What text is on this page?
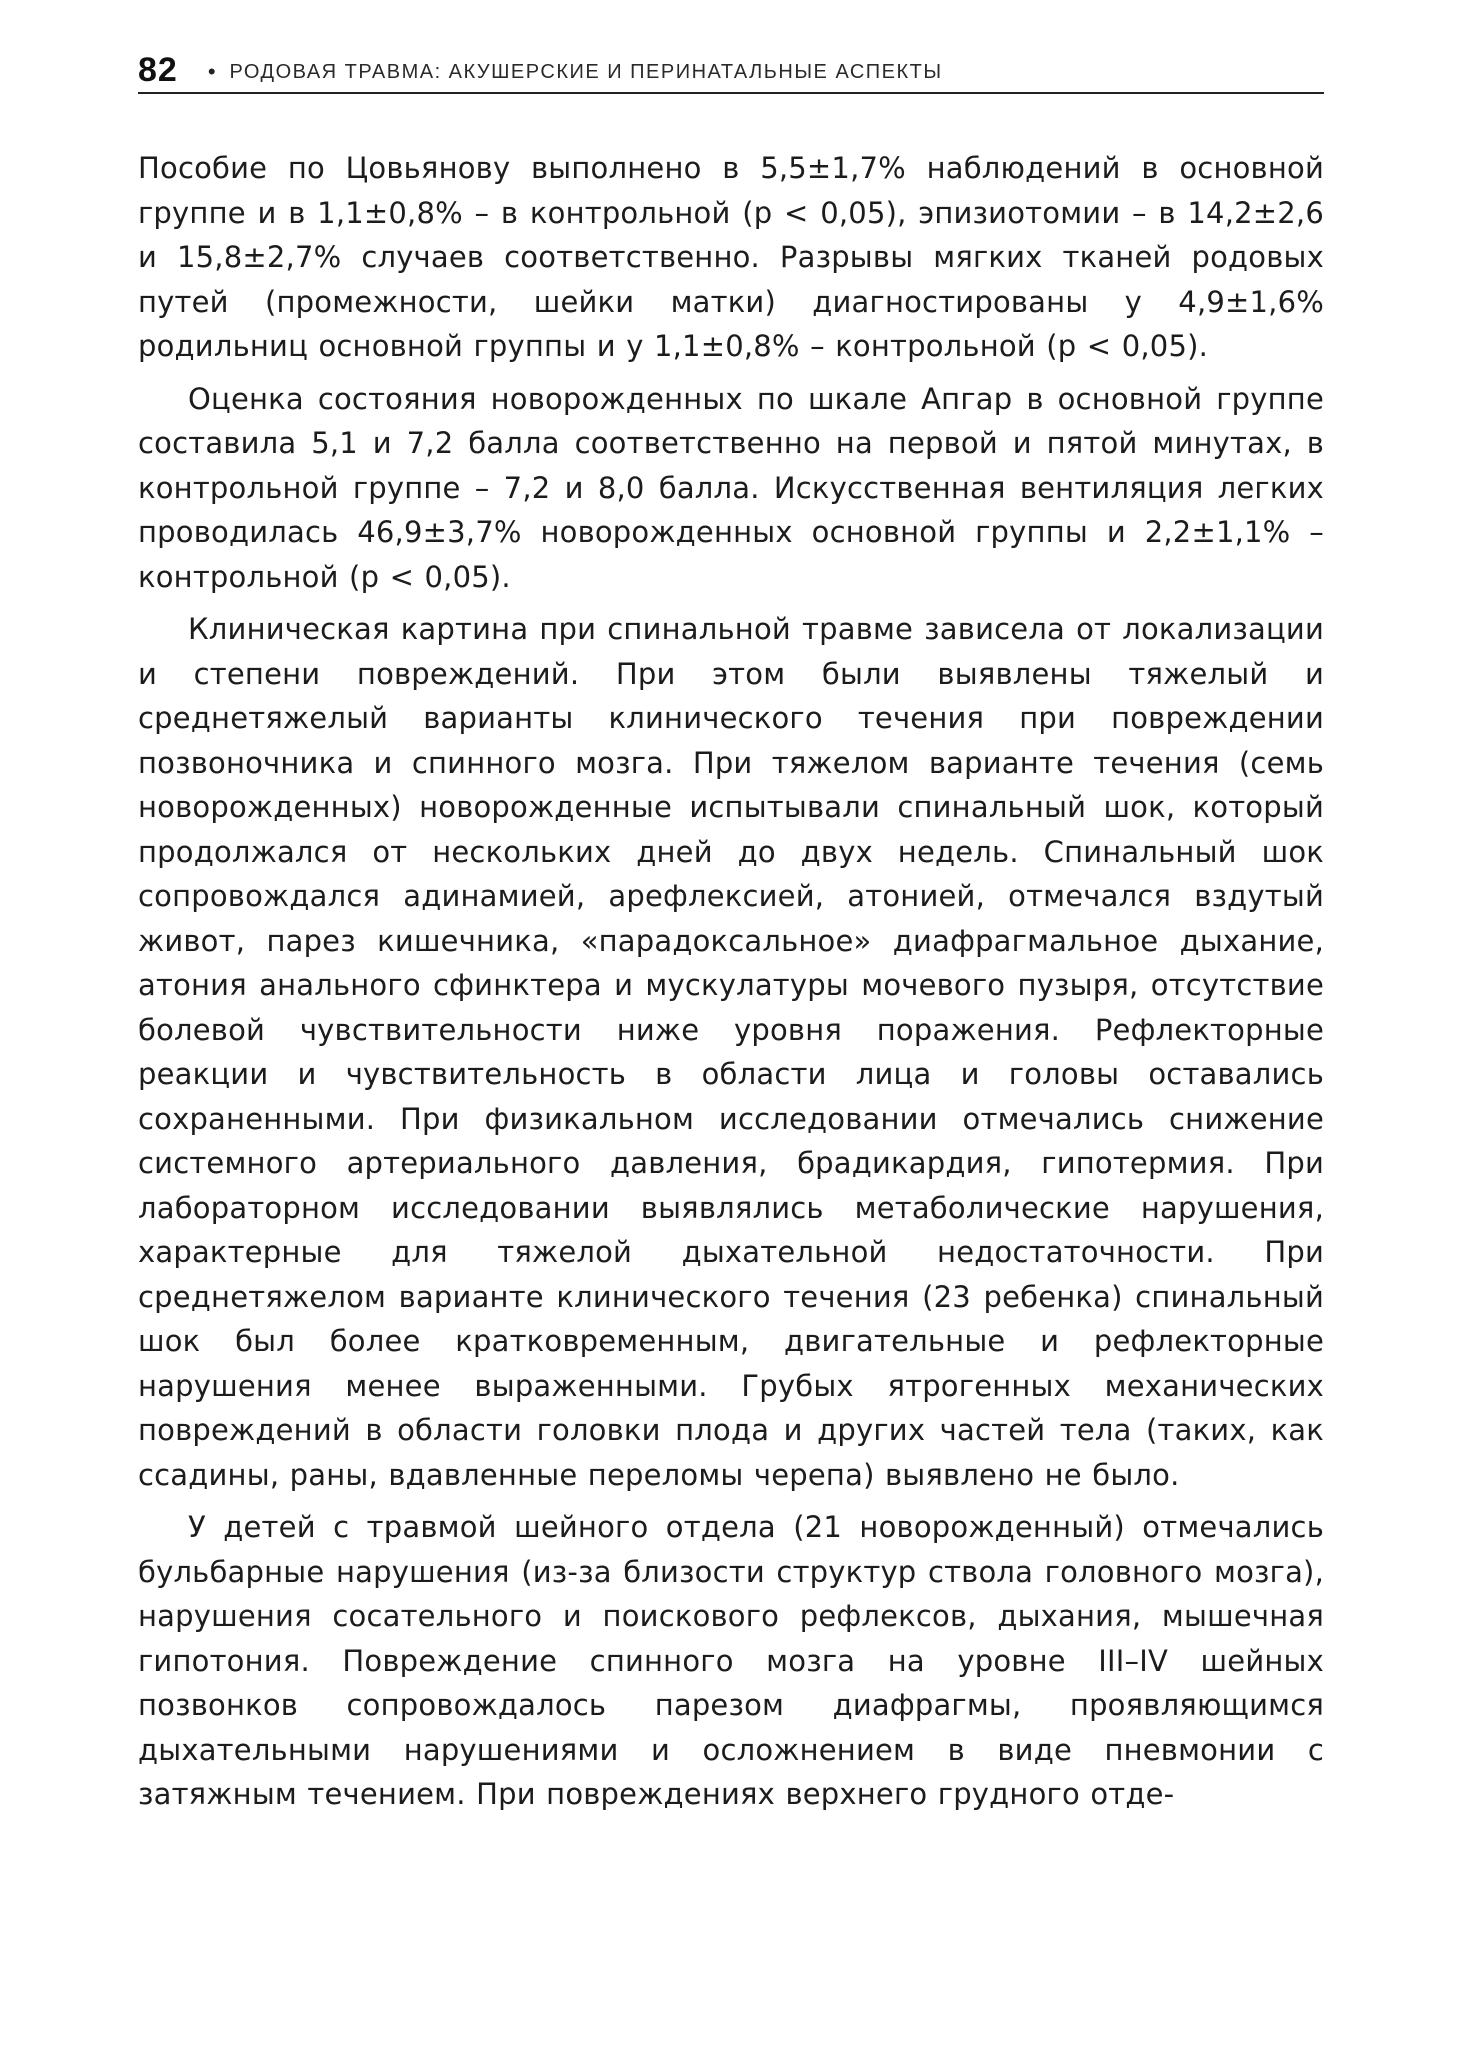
82 • РОДОВАЯ ТРАВМА: АКУШЕРСКИЕ И ПЕРИНАТАЛЬНЫЕ АСПЕКТЫ

Пособие по Цовьянову выполнено в 5,5±1,7% наблюдений в основной группе и в 1,1±0,8% – в контрольной (p < 0,05), эпизиотомии – в 14,2±2,6 и 15,8±2,7% случаев соответственно. Разрывы мягких тканей родовых путей (промежности, шейки матки) диагностированы у 4,9±1,6% родильниц основной группы и у 1,1±0,8% – контрольной (p < 0,05).

Оценка состояния новорожденных по шкале Апгар в основной группе составила 5,1 и 7,2 балла соответственно на первой и пятой минутах, в контрольной группе – 7,2 и 8,0 балла. Искусственная вентиляция легких проводилась 46,9±3,7% новорожденных основной группы и 2,2±1,1% – контрольной (p < 0,05).

Клиническая картина при спинальной травме зависела от локализации и степени повреждений. При этом были выявлены тяжелый и среднетяжелый варианты клинического течения при повреждении позвоночника и спинного мозга. При тяжелом варианте течения (семь новорожденных) новорожденные испытывали спинальный шок, который продолжался от нескольких дней до двух недель. Спинальный шок сопровождался адинамией, арефлексией, атонией, отмечался вздутый живот, парез кишечника, «парадоксальное» диафрагмальное дыхание, атония анального сфинктера и мускулатуры мочевого пузыря, отсутствие болевой чувствительности ниже уровня поражения. Рефлекторные реакции и чувствительность в области лица и головы оставались сохраненными. При физикальном исследовании отмечались снижение системного артериального давления, брадикардия, гипотермия. При лабораторном исследовании выявлялись метаболические нарушения, характерные для тяжелой дыхательной недостаточности. При среднетяжелом варианте клинического течения (23 ребенка) спинальный шок был более кратковременным, двигательные и рефлекторные нарушения менее выраженными. Грубых ятрогенных механических повреждений в области головки плода и других частей тела (таких, как ссадины, раны, вдавленные переломы черепа) выявлено не было.

У детей с травмой шейного отдела (21 новорожденный) отмечались бульбарные нарушения (из-за близости структур ствола головного мозга), нарушения сосательного и поискового рефлексов, дыхания, мышечная гипотония. Повреждение спинного мозга на уровне III–IV шейных позвонков сопровождалось парезом диафрагмы, проявляющимся дыхательными нарушениями и осложнением в виде пневмонии с затяжным течением. При повреждениях верхнего грудного отде-
